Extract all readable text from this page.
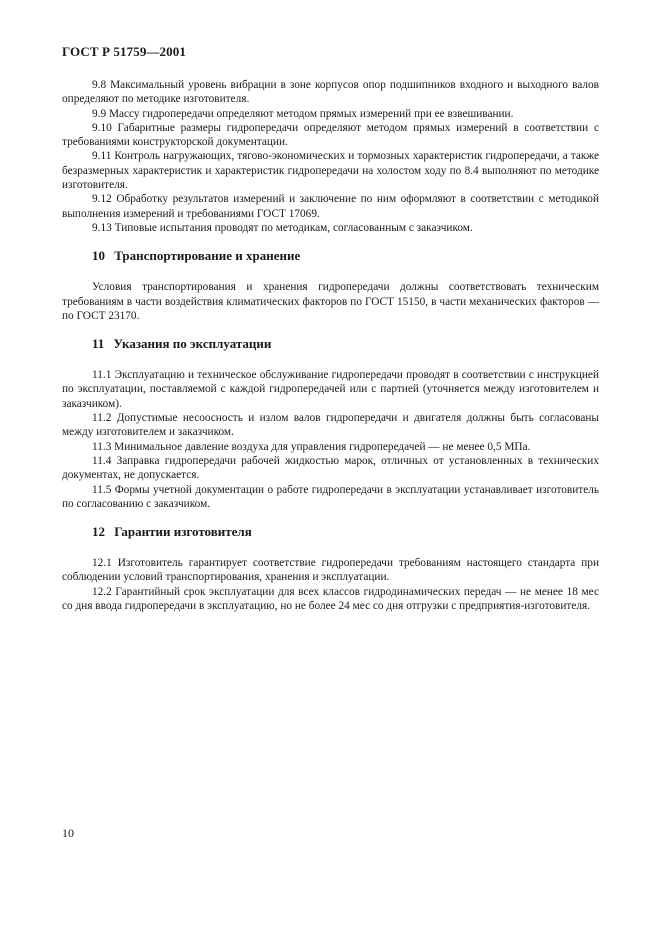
ГОСТ Р 51759—2001

9.8 Максимальный уровень вибрации в зоне корпусов опор подшипников входного и выходного валов определяют по методике изготовителя.

9.9 Массу гидропередачи определяют методом прямых измерений при ее взвешивании.

9.10 Габаритные размеры гидропередачи определяют методом прямых измерений в соответствии с требованиями конструкторской документации.

9.11 Контроль нагружающих, тягово-экономических и тормозных характеристик гидропередачи, а также безразмерных характеристик и характеристик гидропередачи на холостом ходу по 8.4 выполняют по методике изготовителя.

9.12 Обработку результатов измерений и заключение по ним оформляют в соответствии с методикой выполнения измерений и требованиями ГОСТ 17069.

9.13 Типовые испытания проводят по методикам, согласованным с заказчиком.

10 Транспортирование и хранение

Условия транспортирования и хранения гидропередачи должны соответствовать техническим требованиям в части воздействия климатических факторов по ГОСТ 15150, в части механических факторов — по ГОСТ 23170.

11 Указания по эксплуатации

11.1 Эксплуатацию и техническое обслуживание гидропередачи проводят в соответствии с инструкцией по эксплуатации, поставляемой с каждой гидропередачей или с партией (уточняется между изготовителем и заказчиком).

11.2 Допустимые несоосность и излом валов гидропередачи и двигателя должны быть согласованы между изготовителем и заказчиком.

11.3 Минимальное давление воздуха для управления гидропередачей — не менее 0,5 МПа.

11.4 Заправка гидропередачи рабочей жидкостью марок, отличных от установленных в технических документах, не допускается.

11.5 Формы учетной документации о работе гидропередачи в эксплуатации устанавливает изготовитель по согласованию с заказчиком.

12 Гарантии изготовителя

12.1 Изготовитель гарантирует соответствие гидропередачи требованиям настоящего стандарта при соблюдении условий транспортирования, хранения и эксплуатации.

12.2 Гарантийный срок эксплуатации для всех классов гидродинамических передач — не менее 18 мес со дня ввода гидропередачи в эксплуатацию, но не более 24 мес со дня отгрузки с предприятия-изготовителя.

10
